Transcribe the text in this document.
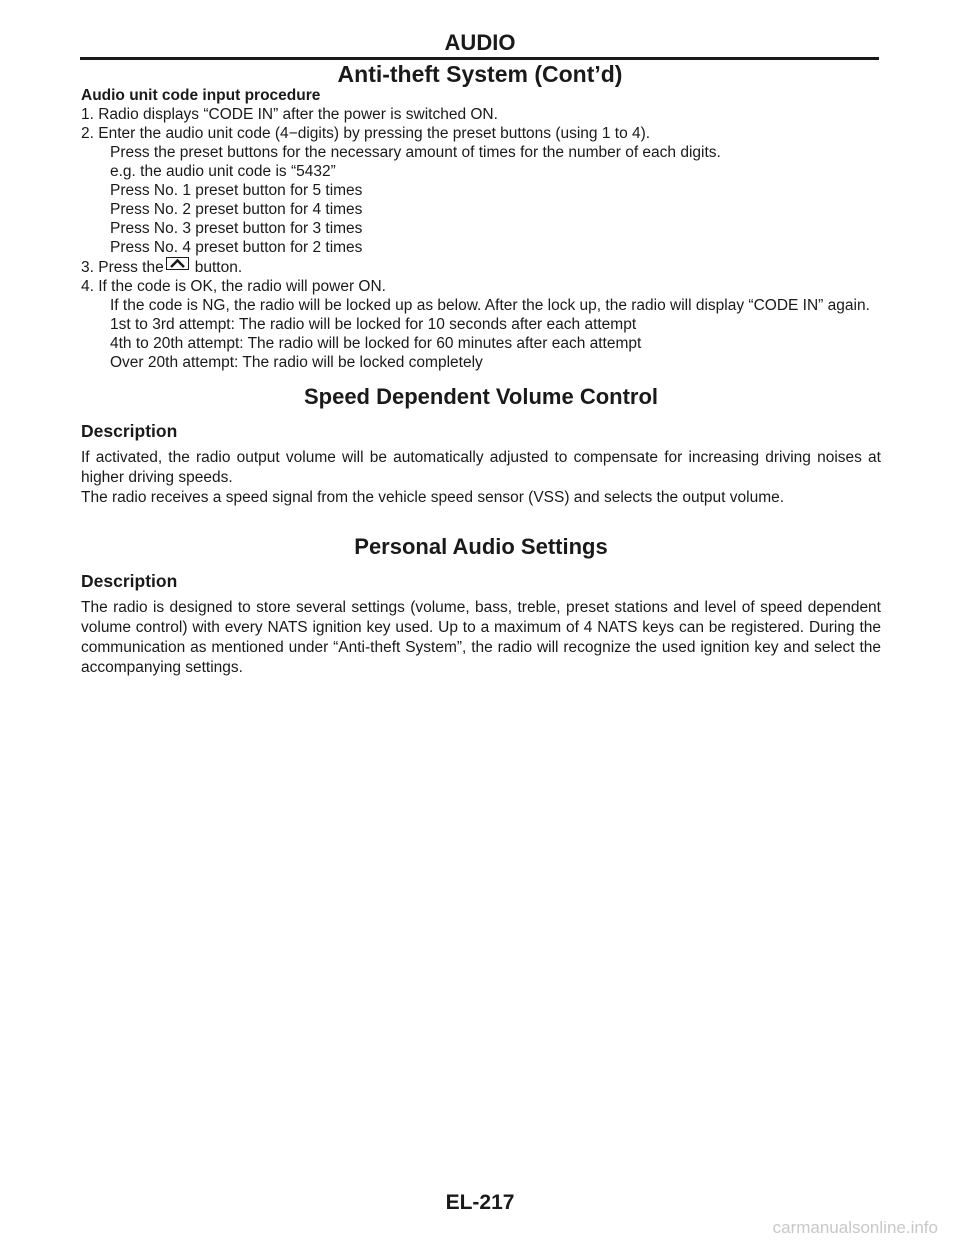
AUDIO
Anti-theft System (Cont’d)

Audio unit code input procedure

1. Radio displays “CODE IN” after the power is switched ON.

2. Enter the audio unit code (4−digits) by pressing the preset buttons (using 1 to 4).

Press the preset buttons for the necessary amount of times for the number of each digits.

e.g. the audio unit code is “5432”

Press No. 1 preset button for 5 times

Press No. 2 preset button for 4 times

Press No. 3 preset button for 3 times

Press No. 4 preset button for 2 times

3. Press the button.

4. If the code is OK, the radio will power ON.

If the code is NG, the radio will be locked up as below. After the lock up, the radio will display “CODE IN” again.

1st to 3rd attempt: The radio will be locked for 10 seconds after each attempt

4th to 20th attempt: The radio will be locked for 60 minutes after each attempt

Over 20th attempt: The radio will be locked completely

Speed Dependent Volume Control

Description

If activated, the radio output volume will be automatically adjusted to compensate for increasing driving noises at higher driving speeds.

The radio receives a speed signal from the vehicle speed sensor (VSS) and selects the output volume.

Personal Audio Settings

Description

The radio is designed to store several settings (volume, bass, treble, preset stations and level of speed dependent volume control) with every NATS ignition key used. Up to a maximum of 4 NATS keys can be registered. During the communication as mentioned under “Anti-theft System”, the radio will recognize the used ignition key and select the accompanying settings.

EL-217
carmanualsonline.info
